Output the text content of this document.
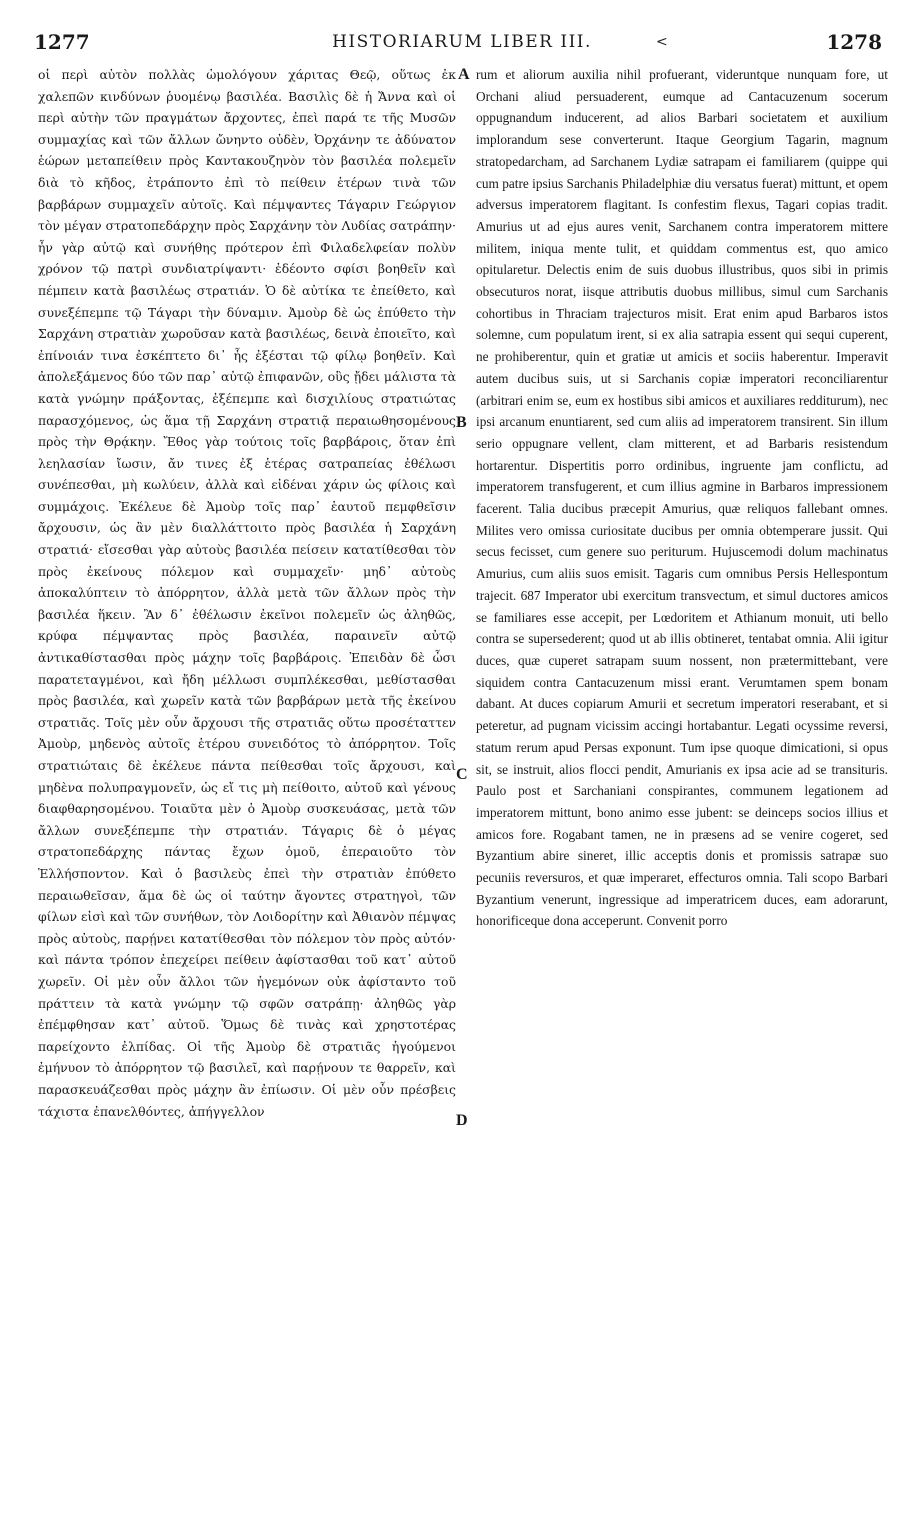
1277	HISTORIARUM LIBER III.	<	1278

οἱ περὶ αὐτὸν πολλὰς ὡμολόγουν χάριτας Θεῷ, οὕτως ἐκ χαλεπῶν κινδύνων ῥυομένῳ βασιλέα. Βασιλὶς δὲ ἡ Ἄννα καὶ οἱ περὶ αὐτὴν τῶν πραγμάτων ἄρχοντες, ἐπεὶ παρά τε τῆς Μυσῶν συμμαχίας καὶ τῶν ἄλλων ὤνηντο οὐδὲν, Ὀρχάνην τε ἀδύνατον ἑώρων μεταπείθειν πρὸς Καντακουζηνὸν τὸν βασιλέα πολεμεῖν διὰ τὸ κῆδος, ἐτράποντο ἐπὶ τὸ πείθειν ἑτέρων τινὰ τῶν βαρβάρων συμμαχεῖν αὐτοῖς. Καὶ πέμψαντες Τάγαριν Γεώργιον τὸν μέγαν στρατοπεδάρχην πρὸς Σαρχάνην τὸν Λυδίας σατράπην· ἦν γὰρ αὐτῷ καὶ συνήθης πρότερον ἐπὶ Φιλαδελφείαν πολὺν χρόνον τῷ πατρὶ συνδιατρίψαντι· ἐδέοντο σφίσι βοηθεῖν καὶ πέμπειν κατὰ βασιλέως στρατιάν. Ὁ δὲ αὐτίκα τε ἐπείθετο, καὶ συνεξέπεμπε τῷ Τάγαρι τὴν δύναμιν. Ἀμοὺρ δὲ ὡς ἐπύθετο τὴν Σαρχάνη στρατιὰν χωροῦσαν κατὰ βασιλέως, δεινὰ ἐποιεῖτο, καὶ ἐπίνοιάν τινα ἐσκέπτετο δι᾽ ἧς ἐξέσται τῷ φίλῳ βοηθεῖν. Καὶ ἀπολεξάμενος δύο τῶν παρ᾽ αὐτῷ ἐπιφανῶν, οὓς ᾔδει μάλιστα τὰ κατὰ γνώμην πράξοντας, ἐξέπεμπε καὶ δισχιλίους στρατιώτας παρασχόμενος, ὡς ἅμα τῇ Σαρχάνη στρατιᾷ περαιωθησομένους πρὸς τὴν Θρᾴκην. Ἔθος γὰρ τούτοις τοῖς βαρβάροις, ὅταν ἐπὶ λεηλασίαν ἴωσιν, ἄν τινες ἐξ ἑτέρας σατραπείας ἐθέλωσι συνέπεσθαι, μὴ κωλύειν, ἀλλὰ καὶ εἰδέναι χάριν ὡς φίλοις καὶ συμμάχοις. Ἐκέλευε δὲ Ἀμοὺρ τοῖς παρ᾽ ἑαυτοῦ πεμφθεῖσιν ἄρχουσιν, ὡς ἂν μὲν διαλλάττοιτο πρὸς βασιλέα ἡ Σαρχάνη στρατιά· εἴσεσθαι γὰρ αὐτοὺς βασιλέα πείσειν κατατίθεσθαι τὸν πρὸς ἐκείνους πόλεμον καὶ συμμαχεῖν· μηδ᾽ αὐτοὺς ἀποκαλύπτειν τὸ ἀπόρρητον, ἀλλὰ μετὰ τῶν ἄλλων πρὸς τὴν βασιλέα ἥκειν. Ἂν δ᾽ ἐθέλωσιν ἐκεῖνοι πολεμεῖν ὡς ἀληθῶς, κρύφα πέμψαντας πρὸς βασιλέα, παραινεῖν αὐτῷ ἀντικαθίστασθαι πρὸς μάχην τοῖς βαρβάροις. Ἐπειδὰν δὲ ὦσι παρατεταγμένοι, καὶ ἤδη μέλλωσι συμπλέκεσθαι, μεθίστασθαι πρὸς βασιλέα, καὶ χωρεῖν κατὰ τῶν βαρβάρων μετὰ τῆς ἐκείνου στρατιᾶς. Τοῖς μὲν οὖν ἄρχουσι τῆς στρατιᾶς οὕτω προσέταττεν Ἀμοὺρ, μηδενὸς αὐτοῖς ἑτέρου συνειδότος τὸ ἀπόρρητον. Τοῖς στρατιώταις δὲ ἐκέλευε πάντα πείθεσθαι τοῖς ἄρχουσι, καὶ μηδὲνα πολυπραγμονεῖν, ὡς εἴ τις μὴ πείθοιτο, αὐτοῦ καὶ γένους διαφθαρησομένου. Τοιαῦτα μὲν ὁ Ἀμοὺρ συσκευάσας, μετὰ τῶν ἄλλων συνεξέπεμπε τὴν στρατιάν. Τάγαρις δὲ ὁ μέγας στρατοπεδάρχης πάντας ἔχων ὁμοῦ, ἐπεραιοῦτο τὸν Ἑλλήσποντον. Καὶ ὁ βασιλεὺς ἐπεὶ τὴν στρατιὰν ἐπύθετο περαιωθεῖσαν, ἅμα δὲ ὡς οἱ ταύτην ἄγοντες στρατηγοὶ, τῶν φίλων εἰσὶ καὶ τῶν συνήθων, τὸν Λοιδορίτην καὶ Ἀθιανὸν πέμψας πρὸς αὐτοὺς, παρῄνει κατατίθεσθαι τὸν πόλεμον τὸν πρὸς αὐτόν· καὶ πάντα τρόπον ἐπεχείρει πείθειν ἀφίστασθαι τοῦ κατ᾽ αὐτοῦ χωρεῖν. Οἱ μὲν οὖν ἄλλοι τῶν ἡγεμόνων οὐκ ἀφίσταντο τοῦ πράττειν τὰ κατὰ γνώμην τῷ σφῶν σατράπῃ· ἀληθῶς γὰρ ἐπέμφθησαν κατ᾽ αὐτοῦ. Ὅμως δὲ τινὰς καὶ χρηστοτέρας παρείχοντο ἐλπίδας. Οἱ τῆς Ἀμοὺρ δὲ στρατιᾶς ἡγούμενοι ἐμήνυον τὸ ἀπόρρητον τῷ βασιλεῖ, καὶ παρῄνουν τε θαρρεῖν, καὶ παρασκευάζεσθαι πρὸς μάχην ἂν ἐπίωσιν. Οἱ μὲν οὖν πρέσβεις τάχιστα ἐπανελθόντες, ἀπήγγελλον

A
B
C
D

rum et aliorum auxilia nihil profuerant, videruntque nunquam fore, ut Orchani aliud persuaderent, eumque ad Cantacuzenum socerum oppugnandum inducerent, ad alios Barbari societatem et auxilium implorandum sese converterunt. Itaque Georgium Tagarin, magnum stratopedarcham, ad Sarchanem Lydiæ satrapam ei familiarem (quippe qui cum patre ipsius Sarchanis Philadelphiæ diu versatus fuerat) mittunt, et opem adversus imperatorem flagitant. Is confestim flexus, Tagari copias tradit. Amurius ut ad ejus aures venit, Sarchanem contra imperatorem mittere militem, iniqua mente tulit, et quiddam commentus est, quo amico opitularetur. Delectis enim de suis duobus illustribus, quos sibi in primis obsecuturos norat, iisque attributis duobus millibus, simul cum Sarchanis cohortibus in Thraciam trajecturos misit. Erat enim apud Barbaros istos solemne, cum populatum irent, si ex alia satrapia essent qui sequi cuperent, ne prohiberentur, quin et gratiæ ut amicis et sociis haberentur. Imperavit autem ducibus suis, ut si Sarchanis copiæ imperatori reconciliarentur (arbitrari enim se, eum ex hostibus sibi amicos et auxiliares redditurum), nec ipsi arcanum enuntiarent, sed cum aliis ad imperatorem transirent. Sin illum serio oppugnare vellent, clam mitterent, et ad Barbaris resistendum hortarentur. Dispertitis porro ordinibus, ingruente jam conflictu, ad imperatorem transfugerent, et cum illius agmine in Barbaros impressionem facerent. Talia ducibus præcepit Amurius, quæ reliquos fallebant omnes. Milites vero omissa curiositate ducibus per omnia obtemperare jussit. Qui secus fecisset, cum genere suo periturum. Hujuscemodi dolum machinatus Amurius, cum aliis suos emisit. Tagaris cum omnibus Persis Hellespontum trajecit. 687 Imperator ubi exercitum transvectum, et simul ductores amicos se familiares esse accepit, per Lœdoritem et Athianum monuit, uti bello contra se supersederent; quod ut ab illis obtineret, tentabat omnia. Alii igitur duces, quæ cuperet satrapam suum nossent, non prætermittebant, vere siquidem contra Cantacuzenum missi erant. Verumtamen spem bonam dabant. At duces copiarum Amurii et secretum imperatori reserabant, et si peteretur, ad pugnam vicissim accingi hortabantur. Legati ocyssime reversi, statum rerum apud Persas exponunt. Tum ipse quoque dimicationi, si opus sit, se instruit, alios flocci pendit, Amurianis ex ipsa acie ad se transituris. Paulo post et Sarchaniani conspirantes, communem legationem ad imperatorem mittunt, bono animo esse jubent: se deinceps socios illius et amicos fore. Rogabant tamen, ne in præsens ad se venire cogeret, sed Byzantium abire sineret, illic acceptis donis et promissis satrapæ suo pecuniis reversuros, et quæ imperaret, effecturos omnia. Tali scopo Barbari Byzantium venerunt, ingressique ad imperatricem duces, eam adorarunt, honorificeque dona acceperunt. Convenit porro
